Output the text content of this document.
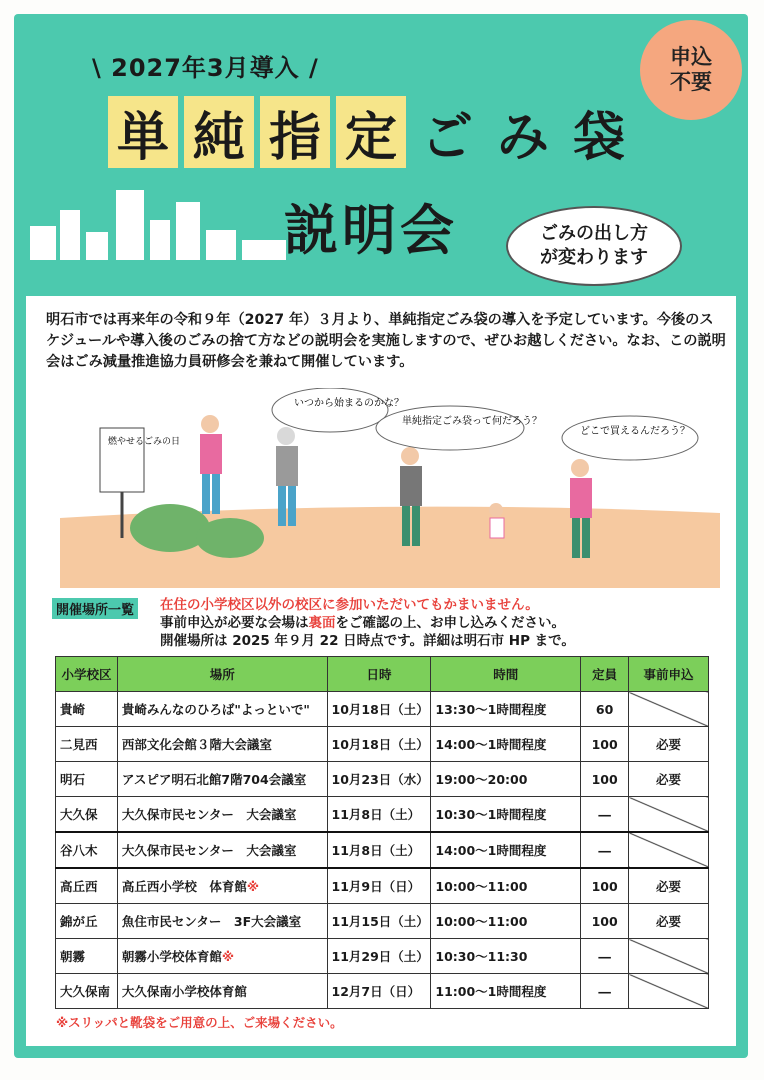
申込
不要
\ 2027年3月導入 /
単 純 指 定 ご み 袋
説明会	ごみの出し方
が変わります
明石市では再来年の令和９年（2027 年）３月より、単純指定ごみ袋の導入を予定しています。今後のスケジュールや導入後のごみの捨て方などの説明会を実施しますので、ぜひお越しください。なお、この説明会はごみ減量推進協力員研修会を兼ねて開催しています。
燃やせるごみの日
いつから始まるのかな？
単純指定ごみ袋って何だろう？
どこで買えるんだろう？
開催場所一覧 在住の小学校区以外の校区に参加いただいてもかまいません。
事前申込が必要な会場は裏面をご確認の上、お申し込みください。
開催場所は 2025 年９月 22 日時点です。詳細は明石市 HP まで。
小学校区	場所	日時	時間	定員	事前申込
貴崎	貴崎みんなのひろば"よっといで"	10月18日（土）	13:30～1時間程度	60	
二見西	西部文化会館３階大会議室	10月18日（土）	14:00～1時間程度	100	必要
明石	アスピア明石北館7階704会議室	10月23日（水）	19:00～20:00	100	必要
大久保	大久保市民センター　大会議室	11月8日（土）	10:30～1時間程度	―	
谷八木	大久保市民センター　大会議室	11月8日（土）	14:00～1時間程度	―	
高丘西	高丘西小学校　体育館※	11月9日（日）	10:00～11:00	100	必要
錦が丘	魚住市民センター　3F大会議室	11月15日（土）	10:00～11:00	100	必要
朝霧	朝霧小学校体育館※	11月29日（土）	10:30～11:30	―	
大久保南	大久保南小学校体育館	12月7日（日）	11:00～1時間程度	―	
※スリッパと靴袋をご用意の上、ご来場ください。
